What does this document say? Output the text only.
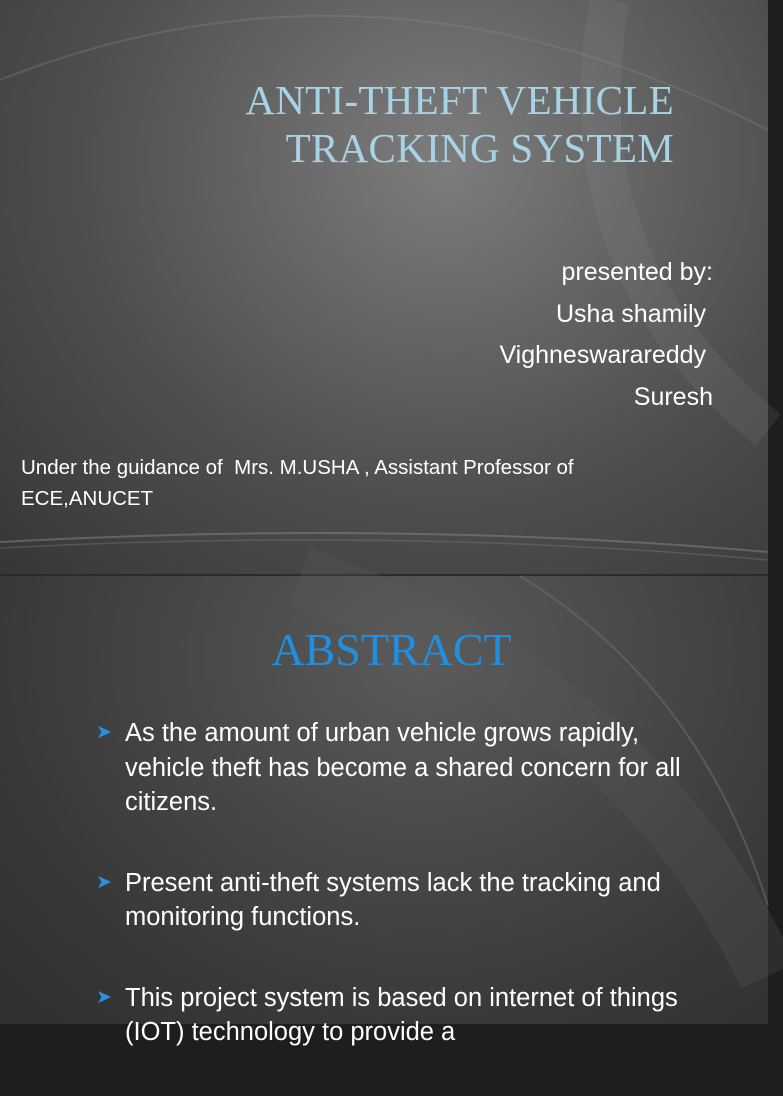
ANTI-THEFT VEHICLE
TRACKING SYSTEM
presented by:
Usha shamily
Vighneswarareddy
Suresh

Under the guidance of  Mrs. M.USHA , Assistant Professor of ECE,ANUCET

ABSTRACT
➤ As the amount of urban vehicle grows rapidly, vehicle theft has become a shared concern for all citizens.
➤ Present anti-theft systems lack the tracking and monitoring functions.
➤ This project system is based on internet of things (IOT) technology to provide a
